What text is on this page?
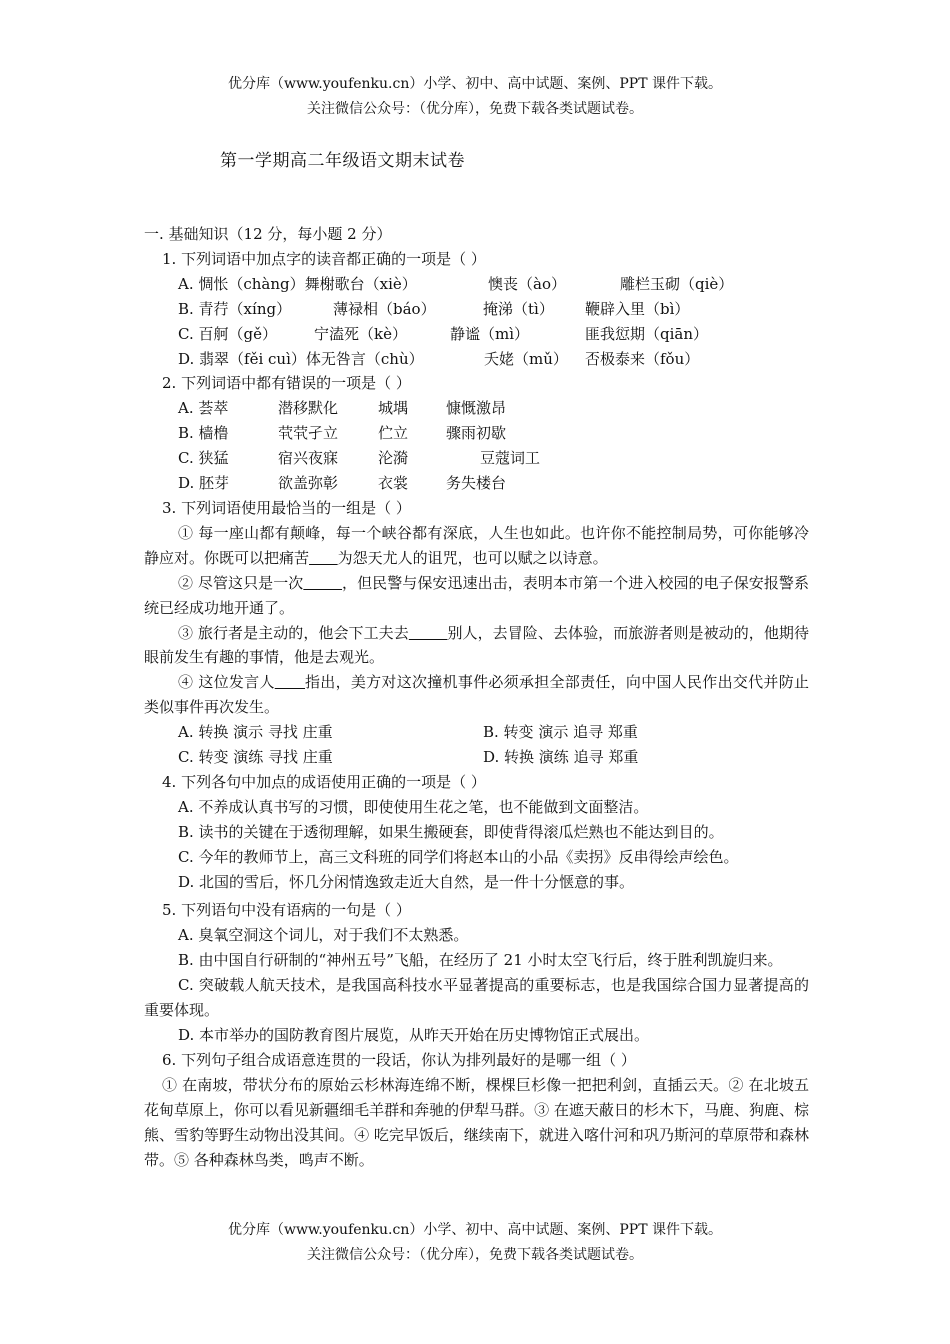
优分库（www.youfenku.cn）小学、初中、高中试题、案例、PPT 课件下载。
关注微信公众号：（优分库），免费下载各类试题试卷。
第一学期高二年级语文期末试卷

一. 基础知识（12 分，每小题 2 分）

1. 下列词语中加点字的读音都正确的一项是（ ）

A. 惆怅（chàng）舞榭歌台（xiè）	懊丧（ào）	雕栏玉砌（qiè）

B. 青荇（xíng）	薄禄相（báo）	掩涕（tì）	鞭辟入里（bì）

C. 百舸（gě）	宁溘死（kè）	静谧（mì）	匪我愆期（qiān）

D. 翡翠（fěi cuì）体无咎言（chù）	夭姥（mǔ）	否极泰来（fǒu）

2. 下列词语中都有错误的一项是（ ）

A. 荟萃	潜移默化	城堣	慷慨激昂

B. 樯橹	茕茕孑立	伫立	骤雨初歇

C. 狭猛	宿兴夜寐	沦漪	豆蔻词工

D. 胚芽	欲盖弥彰	衣裳	务失楼台

3. 下列词语使用最恰当的一组是（ ）

① 每一座山都有颠峰，每一个峡谷都有深底，人生也如此。也许你不能控制局势，可你能够冷静应对。你既可以把痛苦 为怨天尤人的诅咒，也可以赋之以诗意。

② 尽管这只是一次	，但民警与保安迅速出击，表明本市第一个进入校园的电子保安报警系统已经成功地开通了。

③ 旅行者是主动的，他会下工夫去	别人，去冒险、去体验，而旅游者则是被动的，他期待眼前发生有趣的事情，他是去观光。

④ 这位发言人 指出，美方对这次撞机事件必须承担全部责任，向中国人民作出交代并防止类似事件再次发生。

A. 转换 演示 寻找 庄重	B. 转变 演示 追寻 郑重

C. 转变 演练 寻找 庄重	D. 转换 演练 追寻 郑重

4. 下列各句中加点的成语使用正确的一项是（ ）

A. 不养成认真书写的习惯，即使使用生花之笔，也不能做到文面整洁。

B. 读书的关键在于透彻理解，如果生搬硬套，即使背得滚瓜烂熟也不能达到目的。

C. 今年的教师节上，高三文科班的同学们将赵本山的小品《卖拐》反串得绘声绘色。

D. 北国的雪后，怀几分闲情逸致走近大自然，是一件十分惬意的事。

5. 下列语句中没有语病的一句是（ ）

A. 臭氧空洞这个词儿，对于我们不太熟悉。

B. 由中国自行研制的“神州五号”飞船，在经历了 21 小时太空飞行后，终于胜利凯旋归来。

C. 突破载人航天技术，是我国高科技水平显著提高的重要标志，也是我国综合国力显著提高的重要体现。

D. 本市举办的国防教育图片展览，从昨天开始在历史博物馆正式展出。

6. 下列句子组合成语意连贯的一段话，你认为排列最好的是哪一组（ ）

① 在南坡，带状分布的原始云杉林海连绵不断，棵棵巨杉像一把把利剑，直插云天。② 在北坡五花甸草原上，你可以看见新疆细毛羊群和奔驰的伊犁马群。③ 在遮天蔽日的杉木下，马鹿、狗鹿、棕熊、雪豹等野生动物出没其间。④ 吃完早饭后，继续南下，就进入喀什河和巩乃斯河的草原带和森林带。⑤ 各种森林鸟类，鸣声不断。

优分库（www.youfenku.cn）小学、初中、高中试题、案例、PPT 课件下载。
关注微信公众号：（优分库），免费下载各类试题试卷。
